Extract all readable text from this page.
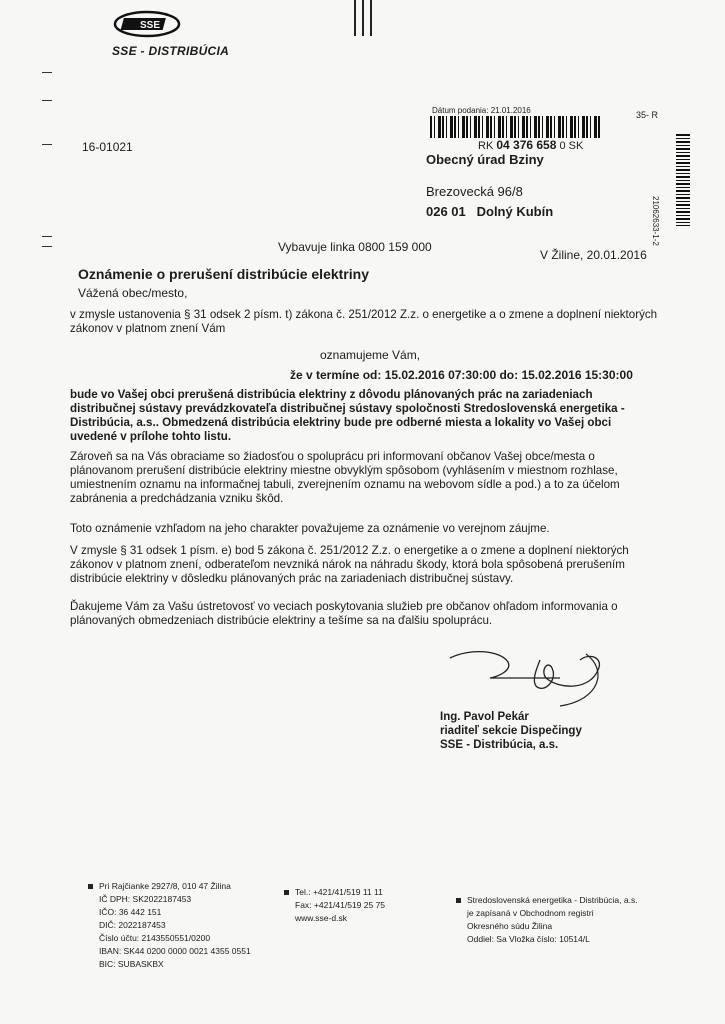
SSE
SSE - DISTRIBÚCIA
16-01021
Dátum podania: 21.01.2016
RK 04 376 658 0 SK
35- R
21062633-1-2
Obecný úrad Bziny
Brezovecká 96/8
026 01 Dolný Kubín
Vybavuje linka 0800 159 000
V Žiline, 20.01.2016
Oznámenie o prerušení distribúcie elektriny
Vážená obec/mesto,
v zmysle ustanovenia § 31 odsek 2 písm. t) zákona č. 251/2012 Z.z. o energetike a o zmene a doplnení niektorých zákonov v platnom znení Vám
oznamujeme Vám,
že v termíne od: 15.02.2016 07:30:00 do: 15.02.2016 15:30:00
bude vo Vašej obci prerušená distribúcia elektriny z dôvodu plánovaných prác na zariadeniach distribučnej sústavy prevádzkovateľa distribučnej sústavy spoločnosti Stredoslovenská energetika - Distribúcia, a.s.. Obmedzená distribúcia elektriny bude pre odberné miesta a lokality vo Vašej obci uvedené v prílohe tohto listu.
Zároveň sa na Vás obraciame so žiadosťou o spoluprácu pri informovaní občanov Vašej obce/mesta o plánovanom prerušení distribúcie elektriny miestne obvyklým spôsobom (vyhlásením v miestnom rozhlase, umiestnením oznamu na informačnej tabuli, zverejnením oznamu na webovom sídle a pod.) a to za účelom zabránenia a predchádzania vzniku škôd.
Toto oznámenie vzhľadom na jeho charakter považujeme za oznámenie vo verejnom záujme.
V zmysle § 31 odsek 1 písm. e) bod 5 zákona č. 251/2012 Z.z. o energetike a o zmene a doplnení niektorých zákonov v platnom znení, odberateľom nevzniká nárok na náhradu škody, ktorá bola spôsobená prerušením distribúcie elektriny v dôsledku plánovaných prác na zariadeniach distribučnej sústavy.
Ďakujeme Vám za Vašu ústretovosť vo veciach poskytovania služieb pre občanov ohľadom informovania o plánovaných obmedzeniach distribúcie elektriny a tešíme sa na ďalšiu spoluprácu.
Ing. Pavol Pekár
riaditeľ sekcie Dispečingy
SSE - Distribúcia, a.s.
Pri Rajčianke 2927/8, 010 47 Žilina
IČ DPH: SK2022187453
IČO: 36 442 151
DIČ: 2022187453
Číslo účtu: 2143550551/0200
IBAN: SK44 0200 0000 0021 4355 0551
BIC: SUBASKBX
Tel.: +421/41/519 11 11
Fax: +421/41/519 25 75
www.sse-d.sk
Stredoslovenská energetika - Distribúcia, a.s.
je zapísaná v Obchodnom registri
Okresného súdu Žilina
Oddiel: Sa Vložka číslo: 10514/L
